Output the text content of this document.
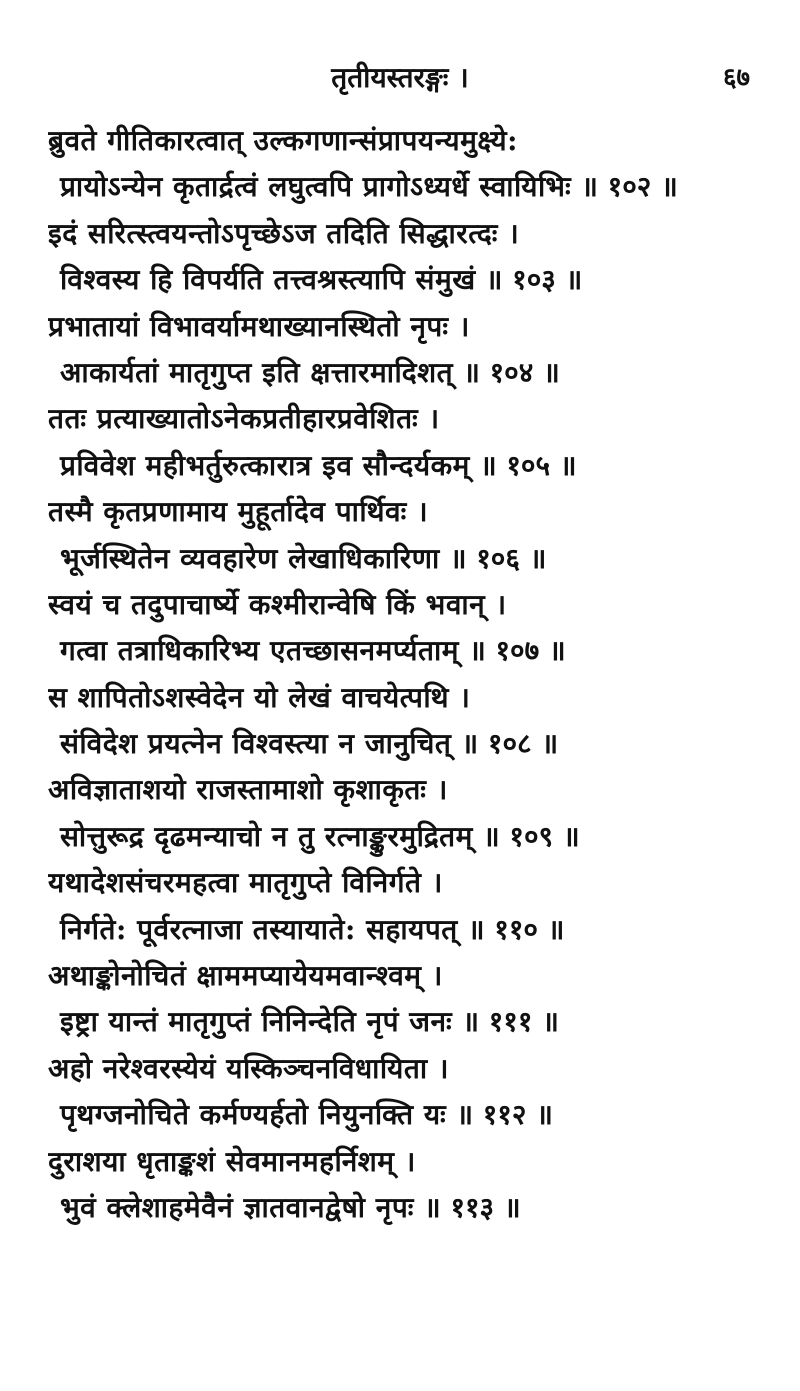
तृतीयस्तरङ्गः ।	६७
ब्रुवते गीतिकारत्वात् उल्कगणान्संप्रापयन्यमुक्ष्ये:
प्रायोऽन्येन कृतार्द्रत्वं लघुत्वपि प्रागोऽध्यर्धे स्वायिभिः ॥ १०२ ॥
इदं सरित्स्त्वयन्तोऽपृच्छेऽज तदिति सिद्धारत्दः ।
विश्वस्य हि विपर्यति तत्त्वश्रस्त्यापि संमुखं ॥ १०३ ॥
प्रभातायां विभावर्यामथाख्यानस्थितो नृपः ।
आकार्यतां मातृगुप्त इति क्षत्तारमादिशत् ॥ १०४ ॥
ततः प्रत्याख्यातोऽनेकप्रतीहारप्रवेशितः ।
प्रविवेश महीभर्तुरुत्कारात्र इव सौन्दर्यकम् ॥ १०५ ॥
तस्मै कृतप्रणामाय मुहूर्तादेव पार्थिवः ।
भूर्जस्थितेन व्यवहारेण लेखाधिकारिणा ॥ १०६ ॥
स्वयं च तदुपाचार्ष्ये कश्मीरान्वेषि किं भवान् ।
गत्वा तत्राधिकारिभ्य एतच्छासनमर्प्यताम् ॥ १०७ ॥
स शापितोऽशस्वेदेन यो लेखं वाचयेत्पथि ।
संविदेश प्रयत्नेन विश्वस्त्या न जानुचित् ॥ १०८ ॥
अविज्ञाताशयो राजस्तामाशो कृशाकृतः ।
सोत्तुरूद्र दृढमन्याचो न तु रत्नाङ्कुरमुद्रितम् ॥ १०९ ॥
यथादेशसंचरमहत्वा मातृगुप्ते विनिर्गते ।
निर्गते: पूर्वरत्नाजा तस्यायाते: सहायपत् ॥ ११० ॥
अथाङ्कोनोचितं क्षाममप्यायेयमवान्श्वम् ।
इष्ट्रा यान्तं मातृगुप्तं निनिन्देति नृपं जनः ॥ १११ ॥
अहो नरेश्वरस्येयं यस्किञ्चनविधायिता ।
पृथग्जनोचिते कर्मण्यर्हतो नियुनक्ति यः ॥ ११२ ॥
दुराशया धृताङ्कशं सेवमानमहर्निशम् ।
भुवं क्लेशाहमेवैनं ज्ञातवानद्वेषो नृपः ॥ ११३ ॥
